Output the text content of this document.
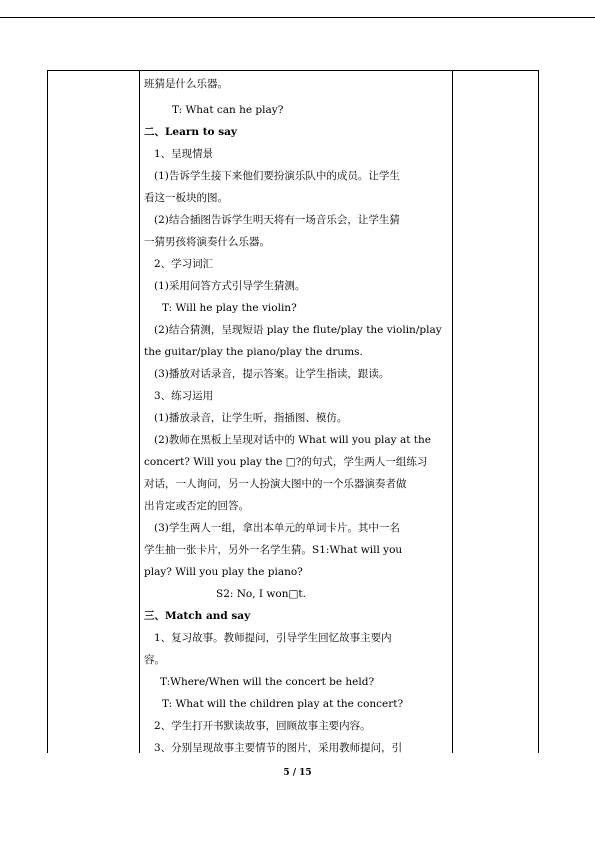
班猜是什么乐器。
T: What can he play?
二、Learn to say
1、呈现情景
(1)告诉学生接下来他们要扮演乐队中的成员。让学生
看这一板块的图。
(2)结合插图告诉学生明天将有一场音乐会，让学生猜
一猜男孩将演奏什么乐器。
2、学习词汇
(1)采用问答方式引导学生猜测。
T: Will he play the violin?
(2)结合猜测，呈现短语 play the flute/play the violin/play
the guitar/play the piano/play the drums.
(3)播放对话录音，提示答案。让学生指读，跟读。
3、练习运用
(1)播放录音，让学生听，指插图、模仿。
(2)教师在黑板上呈现对话中的 What will you play at the
concert? Will you play the □?的句式，学生两人一组练习
对话，一人询问，另一人扮演大图中的一个乐器演奏者做
出肯定或否定的回答。
(3)学生两人一组，拿出本单元的单词卡片。其中一名
学生抽一张卡片，另外一名学生猜。S1:What will you
play? Will you play the piano?
S2: No, I won□t.
三、Match and say
1、复习故事。教师提问，引导学生回忆故事主要内
容。
T:Where/When will the concert be held?
T: What will the children play at the concert?
2、学生打开书默读故事，回顾故事主要内容。
3、分别呈现故事主要情节的图片，采用教师提问，引
5 / 15
